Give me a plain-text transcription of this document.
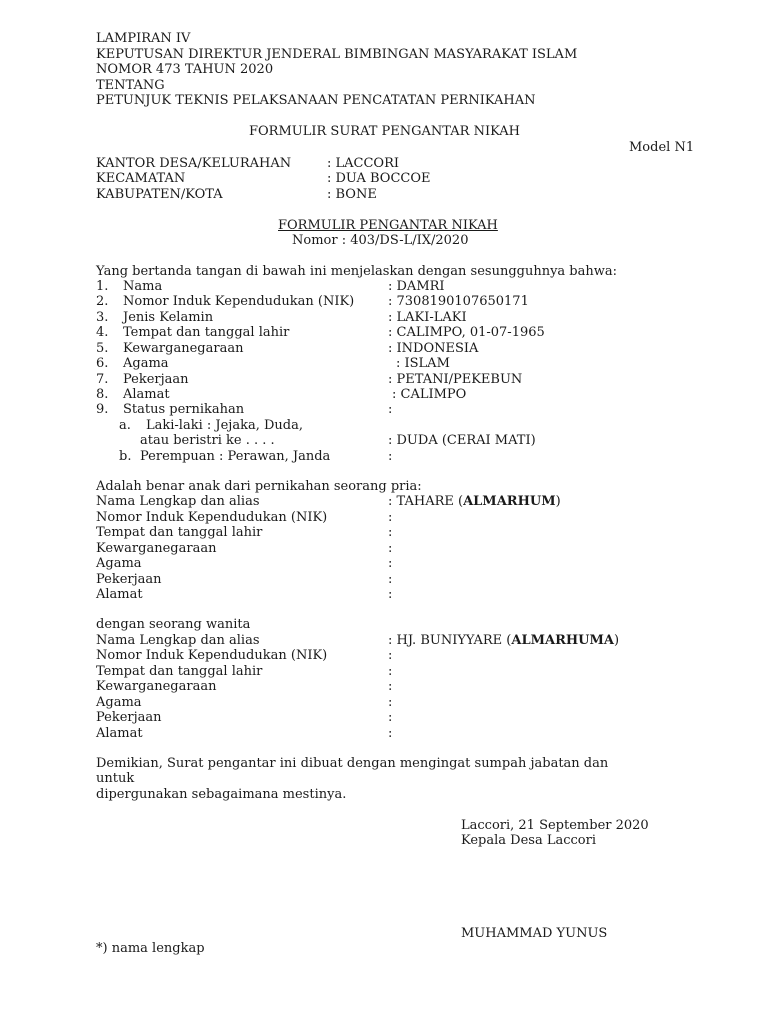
LAMPIRAN IV
KEPUTUSAN DIREKTUR JENDERAL BIMBINGAN MASYARAKAT ISLAM
NOMOR 473 TAHUN 2020
TENTANG
PETUNJUK TEKNIS PELAKSANAAN PENCATATAN PERNIKAHAN
FORMULIR SURAT PENGANTAR NIKAH
Model N1
KANTOR DESA/KELURAHAN	: LACCORI
KECAMATAN	: DUA BOCCOE
KABUPATEN/KOTA	: BONE
FORMULIR PENGANTAR NIKAH
Nomor : 403/DS-L/IX/2020
Yang bertanda tangan di bawah ini menjelaskan dengan sesungguhnya bahwa:
1. Nama	: DAMRI
2. Nomor Induk Kependudukan (NIK)	: 7308190107650171
3. Jenis Kelamin	: LAKI-LAKI
4. Tempat dan tanggal lahir	: CALIMPO, 01-07-1965
5. Kewarganegaraan	: INDONESIA
6. Agama	: ISLAM
7. Pekerjaan	: PETANI/PEKEBUN
8. Alamat	: CALIMPO
9. Status pernikahan	:
a. Laki-laki : Jejaka, Duda,
atau beristri ke . . . .	: DUDA (CERAI MATI)
b. Perempuan : Perawan, Janda	:
Adalah benar anak dari pernikahan seorang pria:
Nama Lengkap dan alias	: TAHARE (ALMARHUM)
Nomor Induk Kependudukan (NIK)	:
Tempat dan tanggal lahir	:
Kewarganegaraan	:
Agama	:
Pekerjaan	:
Alamat	:
dengan seorang wanita
Nama Lengkap dan alias	: HJ. BUNIYYARE (ALMARHUMA)
Nomor Induk Kependudukan (NIK)	:
Tempat dan tanggal lahir	:
Kewarganegaraan	:
Agama	:
Pekerjaan	:
Alamat	:
Demikian, Surat pengantar ini dibuat dengan mengingat sumpah jabatan dan
untuk
dipergunakan sebagaimana mestinya.
Laccori, 21 September 2020
Kepala Desa Laccori
MUHAMMAD YUNUS
*) nama lengkap
